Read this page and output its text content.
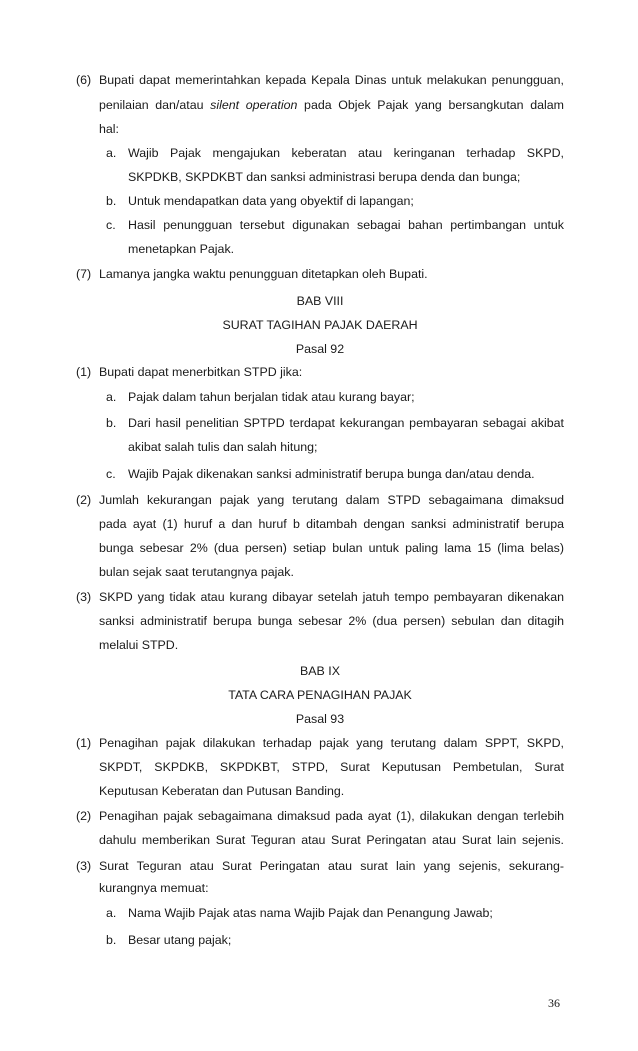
(6) Bupati dapat memerintahkan kepada Kepala Dinas untuk melakukan penungguan,
penilaian dan/atau silent operation pada Objek Pajak yang bersangkutan dalam
hal:
a. Wajib Pajak mengajukan keberatan atau keringanan terhadap SKPD,
SKPDKB, SKPDKBT dan sanksi administrasi berupa denda dan bunga;
b. Untuk mendapatkan data yang obyektif di lapangan;
c. Hasil penungguan tersebut digunakan sebagai bahan pertimbangan untuk
menetapkan Pajak.
(7) Lamanya jangka waktu penungguan ditetapkan oleh Bupati.
BAB VIII
SURAT TAGIHAN PAJAK DAERAH
Pasal 92
(1) Bupati dapat menerbitkan STPD jika:
a. Pajak dalam tahun berjalan tidak atau kurang bayar;
b. Dari hasil penelitian SPTPD terdapat kekurangan pembayaran sebagai akibat
akibat salah tulis dan salah hitung;
c. Wajib Pajak dikenakan sanksi administratif berupa bunga dan/atau denda.
(2) Jumlah kekurangan pajak yang terutang dalam STPD sebagaimana dimaksud
pada ayat (1) huruf a dan huruf b ditambah dengan sanksi administratif berupa
bunga sebesar 2% (dua persen) setiap bulan untuk paling lama 15 (lima belas)
bulan sejak saat terutangnya pajak.
(3) SKPD yang tidak atau kurang dibayar setelah jatuh tempo pembayaran dikenakan
sanksi administratif berupa bunga sebesar 2% (dua persen) sebulan dan ditagih
melalui STPD.
BAB IX
TATA CARA PENAGIHAN PAJAK
Pasal 93
(1) Penagihan pajak dilakukan terhadap pajak yang terutang dalam SPPT, SKPD,
SKPDT, SKPDKB, SKPDKBT, STPD, Surat Keputusan Pembetulan, Surat
Keputusan Keberatan dan Putusan Banding.
(2) Penagihan pajak sebagaimana dimaksud pada ayat (1), dilakukan dengan terlebih
dahulu memberikan Surat Teguran atau Surat Peringatan atau Surat lain sejenis.
(3) Surat Teguran atau Surat Peringatan atau surat lain yang sejenis, sekurang-
kurangnya memuat:
a. Nama Wajib Pajak atas nama Wajib Pajak dan Penangung Jawab;
b. Besar utang pajak;
36
